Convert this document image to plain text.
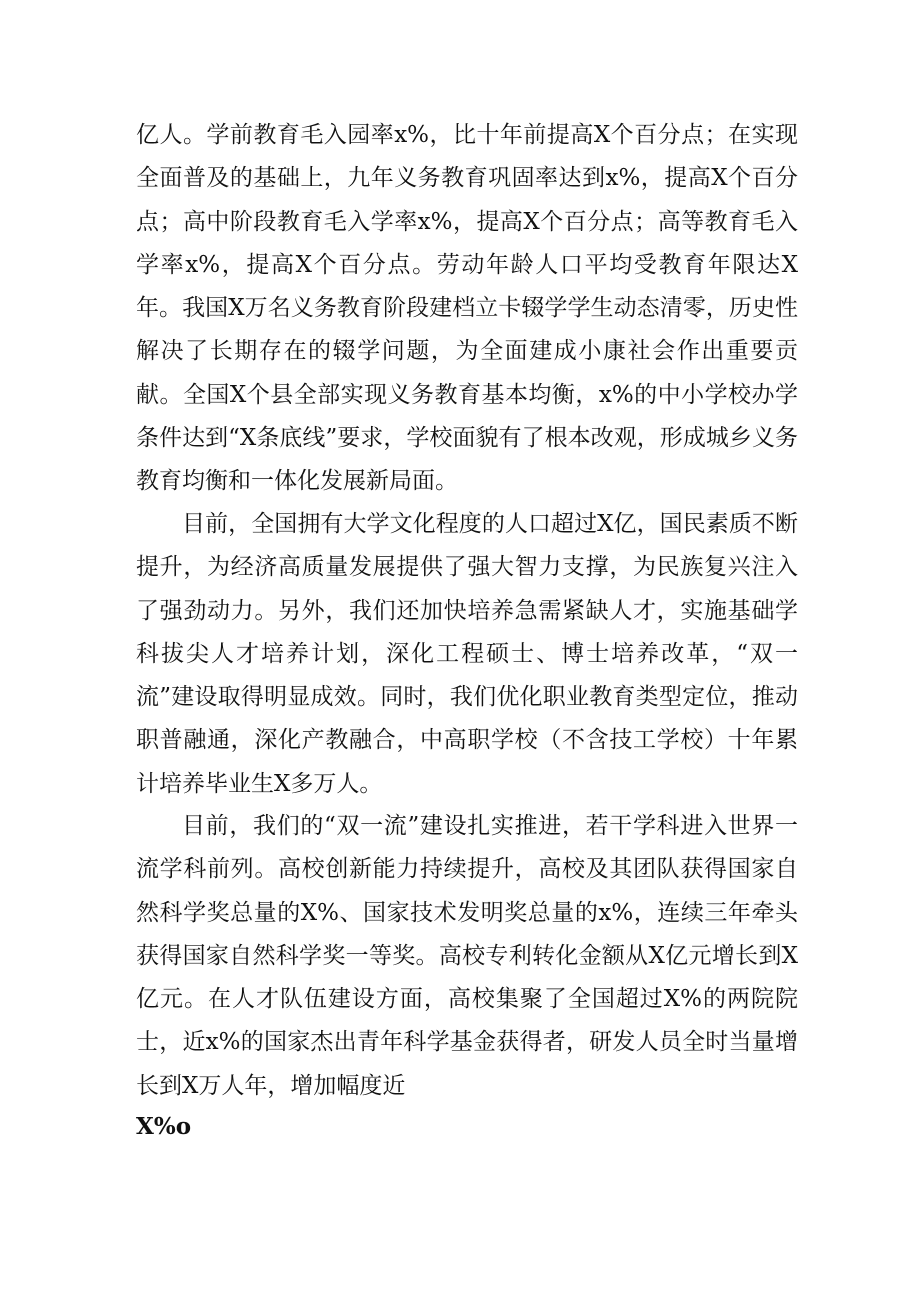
亿人。学前教育毛入园率x%，比十年前提高X个百分点；在实现全面普及的基础上，九年义务教育巩固率达到x%，提高X个百分点；高中阶段教育毛入学率x%，提高X个百分点；高等教育毛入学率x%，提高X个百分点。劳动年龄人口平均受教育年限达X年。我国X万名义务教育阶段建档立卡辍学学生动态清零，历史性解决了长期存在的辍学问题，为全面建成小康社会作出重要贡献。全国X个县全部实现义务教育基本均衡，x%的中小学校办学条件达到“X条底线”要求，学校面貌有了根本改观，形成城乡义务教育均衡和一体化发展新局面。

目前，全国拥有大学文化程度的人口超过X亿，国民素质不断提升，为经济高质量发展提供了强大智力支撑，为民族复兴注入了强劲动力。另外，我们还加快培养急需紧缺人才，实施基础学科拔尖人才培养计划，深化工程硕士、博士培养改革，“双一流”建设取得明显成效。同时，我们优化职业教育类型定位，推动职普融通，深化产教融合，中高职学校（不含技工学校）十年累计培养毕业生X多万人。

目前，我们的“双一流”建设扎实推进，若干学科进入世界一流学科前列。高校创新能力持续提升，高校及其团队获得国家自然科学奖总量的X%、国家技术发明奖总量的x%，连续三年牵头获得国家自然科学奖一等奖。高校专利转化金额从X亿元增长到X亿元。在人才队伍建设方面，高校集聚了全国超过X%的两院院士，近x%的国家杰出青年科学基金获得者，研发人员全时当量增长到X万人年，增加幅度近

X%o
